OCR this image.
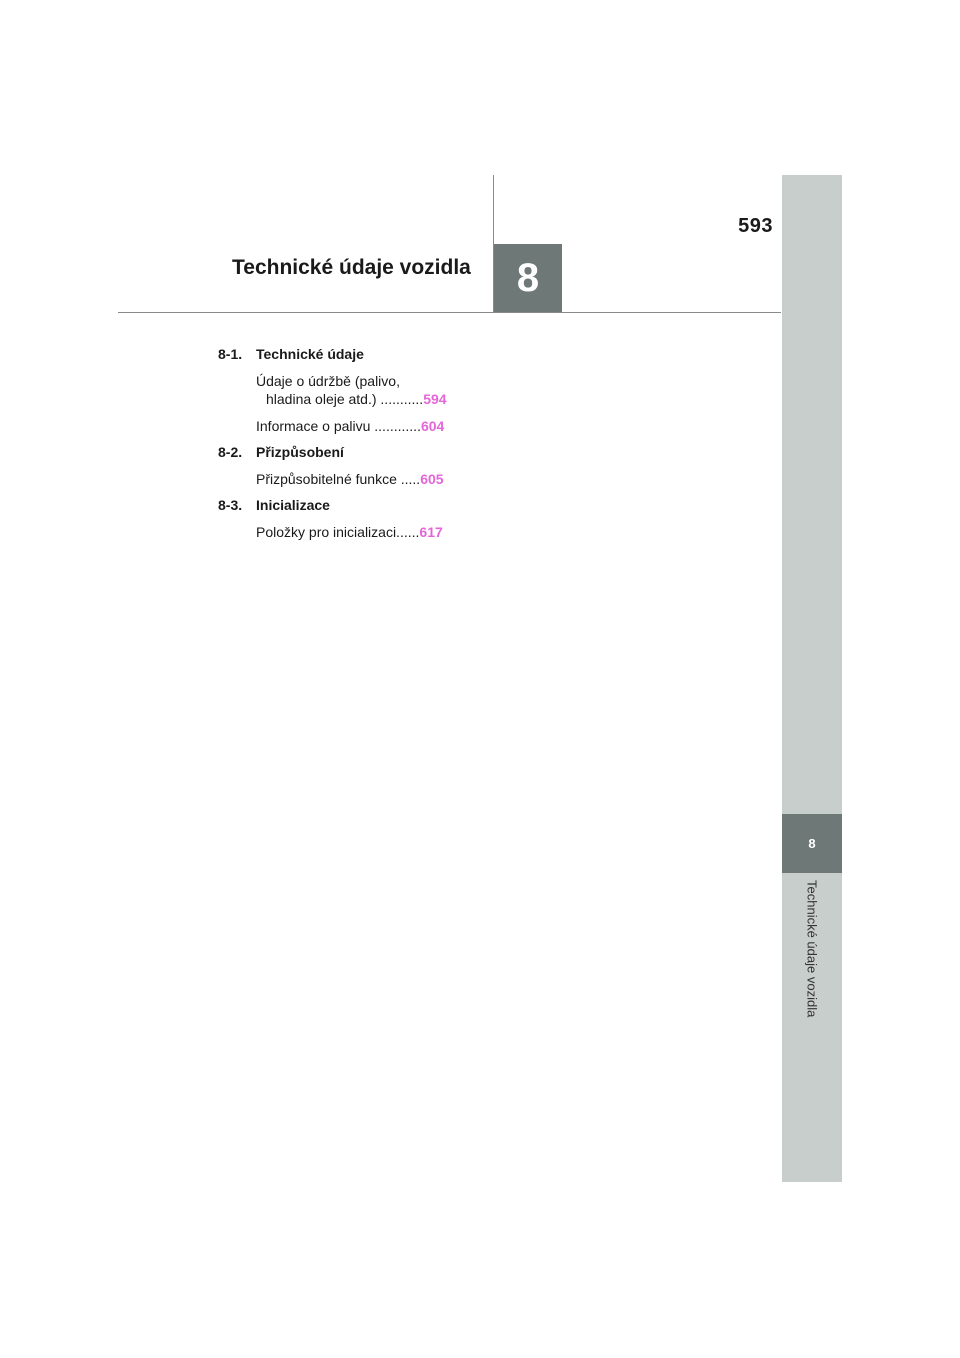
593
Technické údaje vozidla 8
8
Technické údaje vozidla
8-1. Technické údaje
Údaje o údržbě (palivo,
hladina oleje atd.) ........... 594
Informace o palivu ............ 604
8-2. Přizpůsobení
Přizpůsobitelné funkce ..... 605
8-3. Inicializace
Položky pro inicializaci...... 617
